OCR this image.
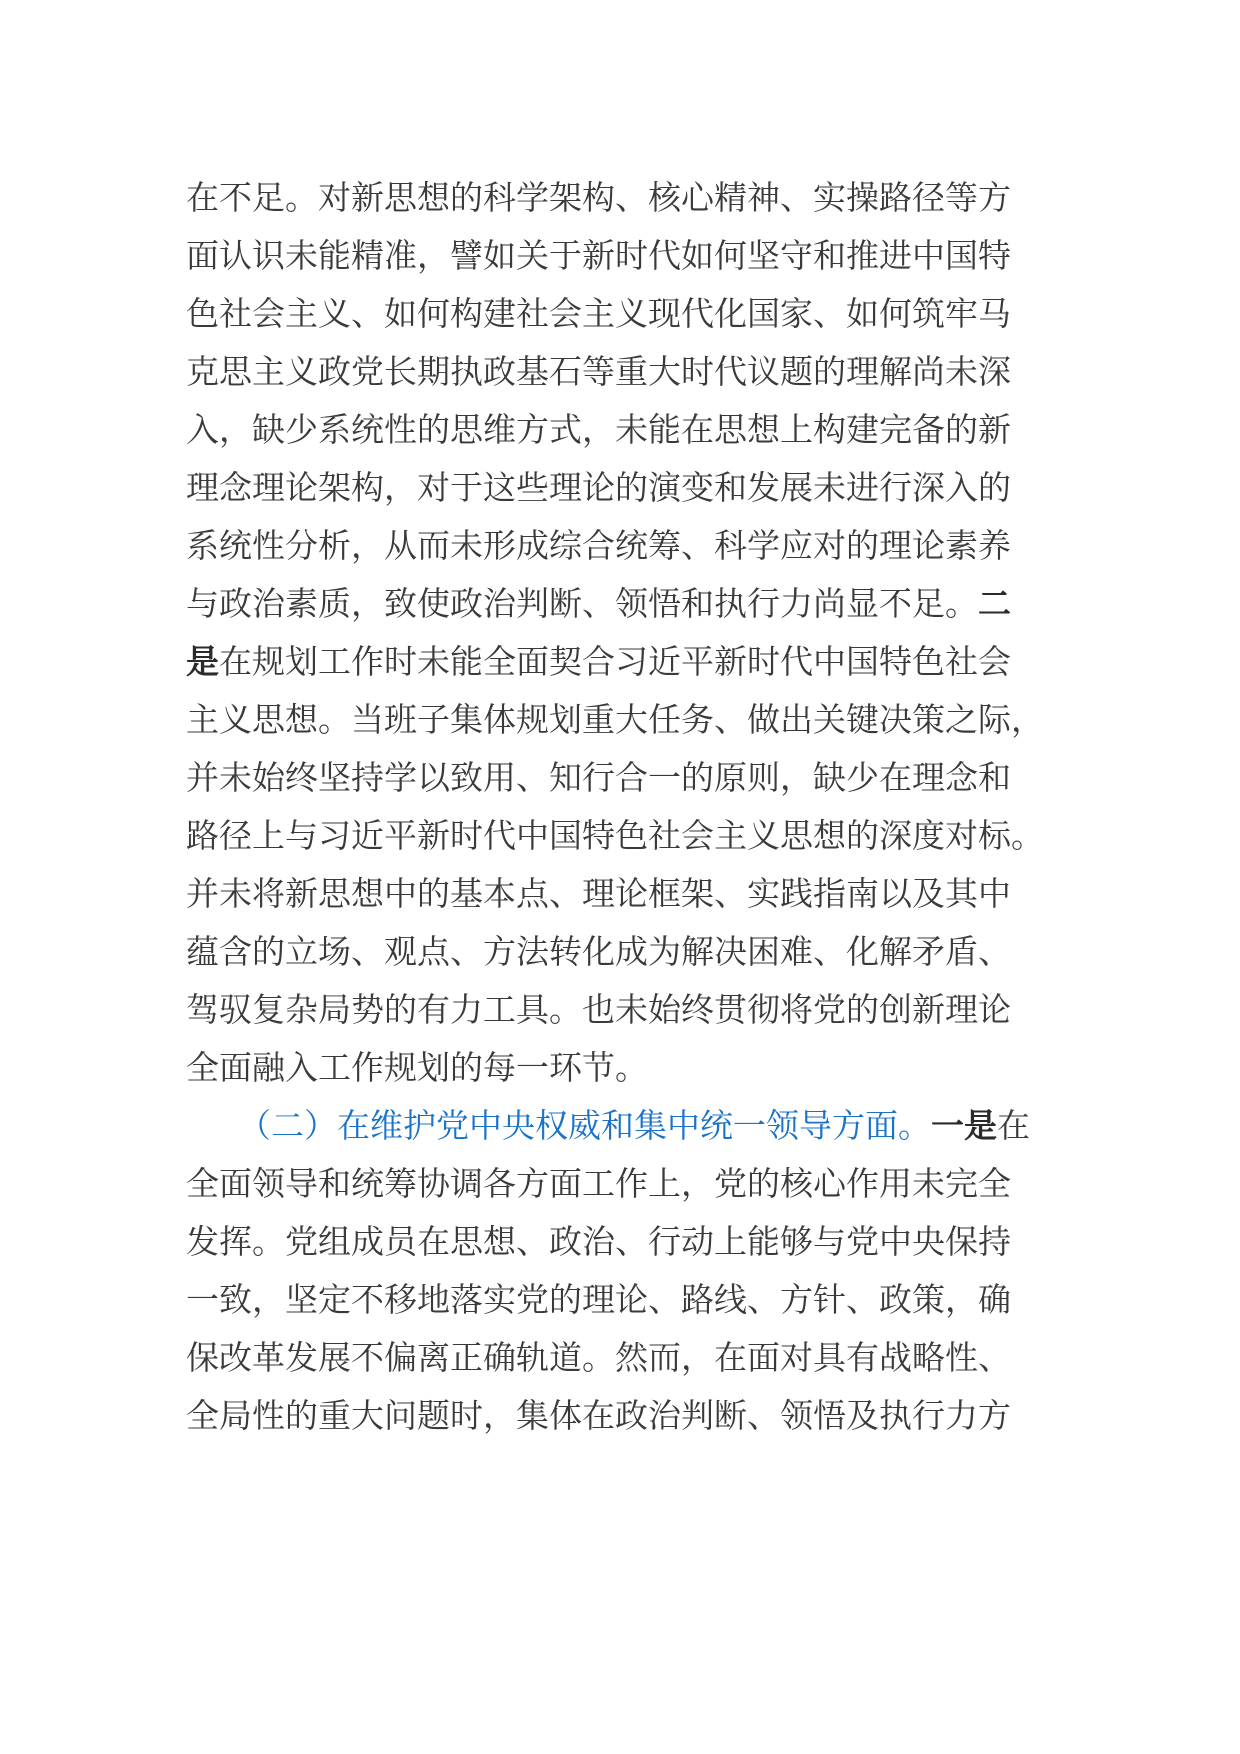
在不足。对新思想的科学架构、核心精神、实操路径等方
面认识未能精准，譬如关于新时代如何坚守和推进中国特
色社会主义、如何构建社会主义现代化国家、如何筑牢马
克思主义政党长期执政基石等重大时代议题的理解尚未深
入，缺少系统性的思维方式，未能在思想上构建完备的新
理念理论架构，对于这些理论的演变和发展未进行深入的
系统性分析，从而未形成综合统筹、科学应对的理论素养
与政治素质，致使政治判断、领悟和执行力尚显不足。二
是在规划工作时未能全面契合习近平新时代中国特色社会
主义思想。当班子集体规划重大任务、做出关键决策之际，
并未始终坚持学以致用、知行合一的原则，缺少在理念和
路径上与习近平新时代中国特色社会主义思想的深度对标。
并未将新思想中的基本点、理论框架、实践指南以及其中
蕴含的立场、观点、方法转化成为解决困难、化解矛盾、
驾驭复杂局势的有力工具。也未始终贯彻将党的创新理论
全面融入工作规划的每一环节。
（二）在维护党中央权威和集中统一领导方面。一是在
全面领导和统筹协调各方面工作上，党的核心作用未完全
发挥。党组成员在思想、政治、行动上能够与党中央保持
一致，坚定不移地落实党的理论、路线、方针、政策，确
保改革发展不偏离正确轨道。然而，在面对具有战略性、
全局性的重大问题时，集体在政治判断、领悟及执行力方
